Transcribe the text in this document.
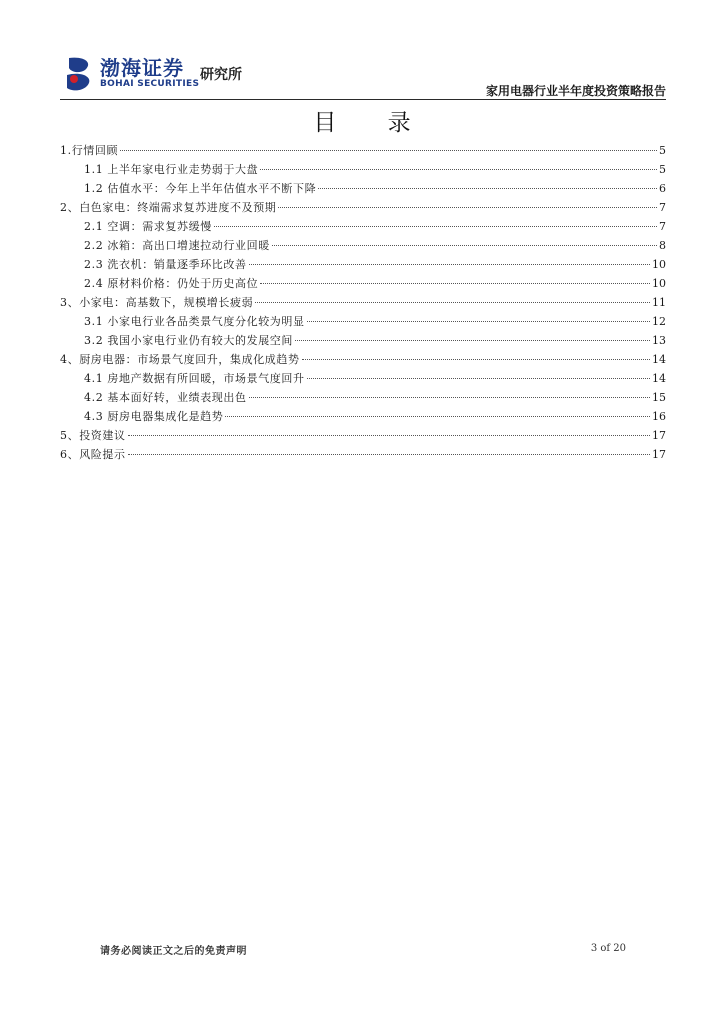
渤海证券
BOHAI SECURITIES
研究所
家用电器行业半年度投资策略报告
目 录
1.行情回顾	5
1.1 上半年家电行业走势弱于大盘	5
1.2 估值水平：今年上半年估值水平不断下降	6
2、白色家电：终端需求复苏进度不及预期	7
2.1 空调：需求复苏缓慢	7
2.2 冰箱：高出口增速拉动行业回暖	8
2.3 洗衣机：销量逐季环比改善	10
2.4 原材料价格：仍处于历史高位	10
3、小家电：高基数下，规模增长疲弱	11
3.1 小家电行业各品类景气度分化较为明显	12
3.2 我国小家电行业仍有较大的发展空间	13
4、厨房电器：市场景气度回升，集成化成趋势	14
4.1 房地产数据有所回暖，市场景气度回升	14
4.2 基本面好转，业绩表现出色	15
4.3 厨房电器集成化是趋势	16
5、投资建议	17
6、风险提示	17
请务必阅读正文之后的免责声明	3 of 20
